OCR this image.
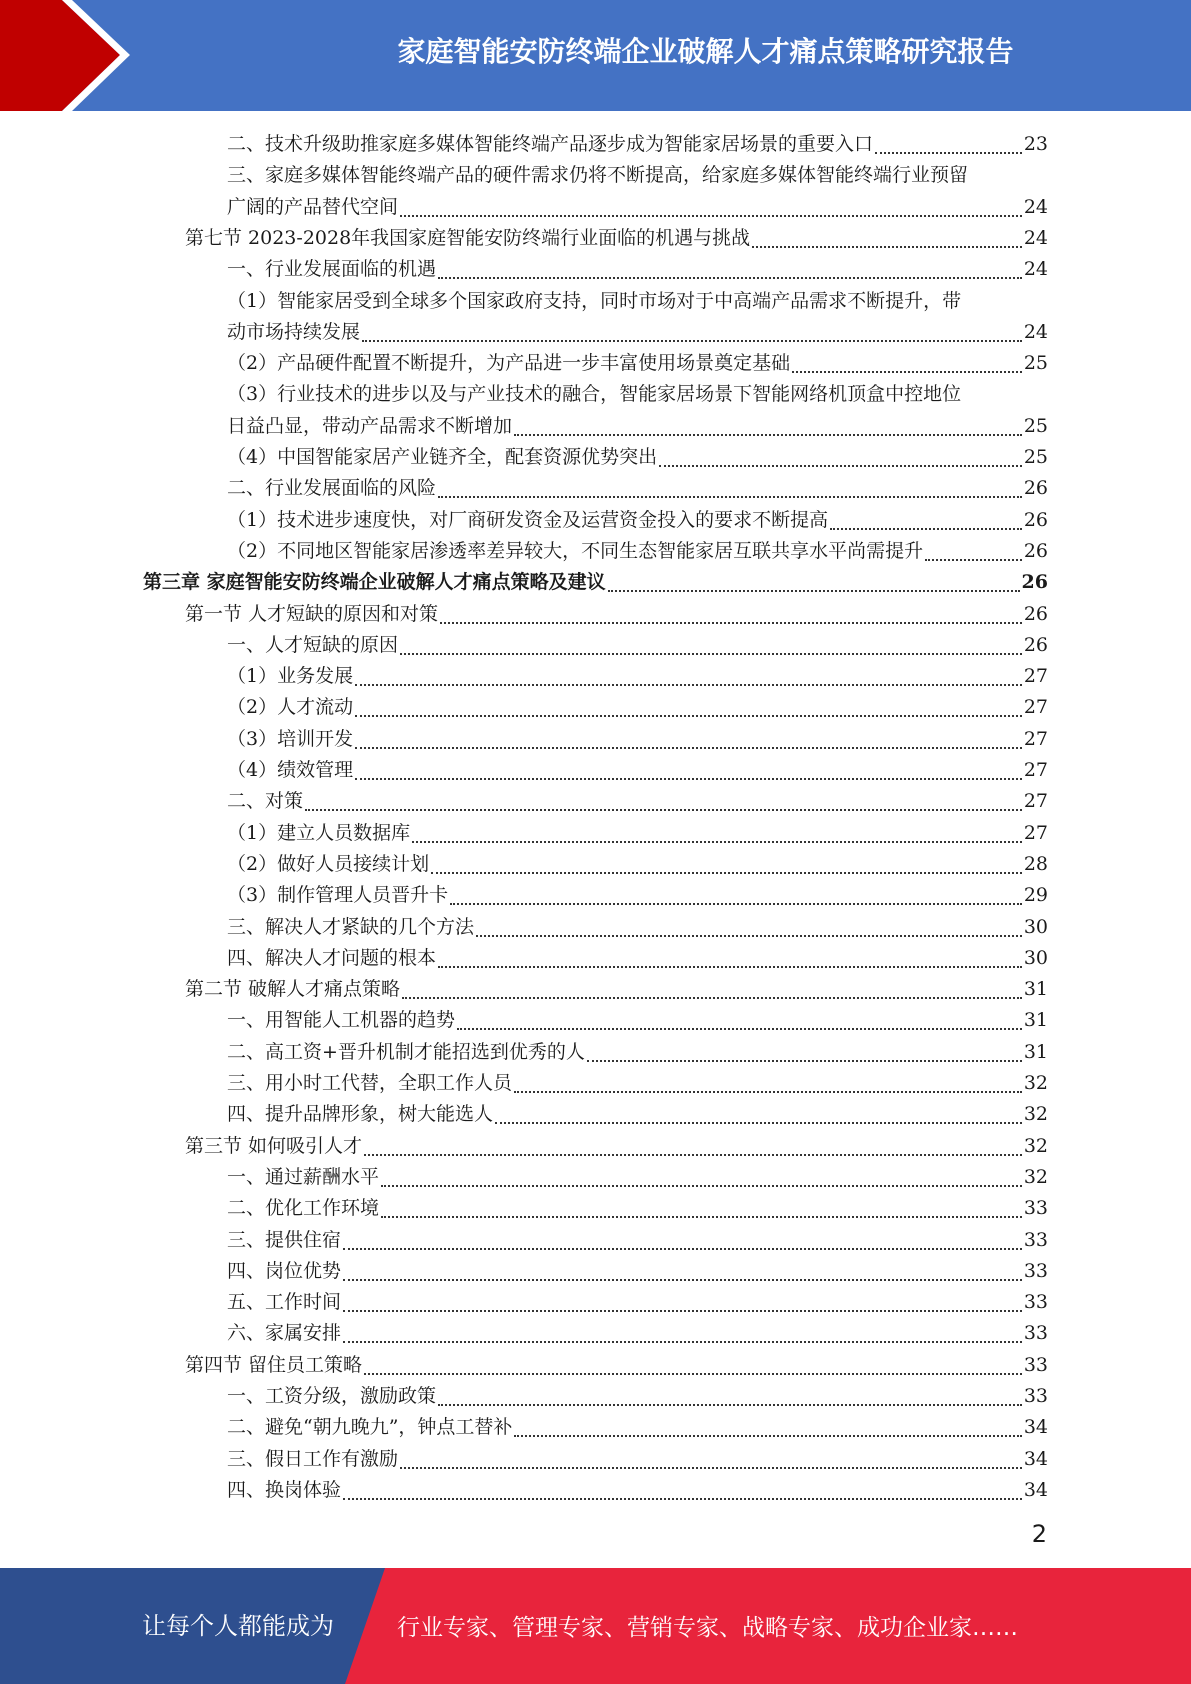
家庭智能安防终端企业破解人才痛点策略研究报告
二、技术升级助推家庭多媒体智能终端产品逐步成为智能家居场景的重要入口	23
三、家庭多媒体智能终端产品的硬件需求仍将不断提高，给家庭多媒体智能终端行业预留
广阔的产品替代空间	24
第七节 2023-2028年我国家庭智能安防终端行业面临的机遇与挑战	24
一、行业发展面临的机遇	24
（1）智能家居受到全球多个国家政府支持，同时市场对于中高端产品需求不断提升，带
动市场持续发展	24
（2）产品硬件配置不断提升，为产品进一步丰富使用场景奠定基础	25
（3）行业技术的进步以及与产业技术的融合，智能家居场景下智能网络机顶盒中控地位
日益凸显，带动产品需求不断增加	25
（4）中国智能家居产业链齐全，配套资源优势突出	25
二、行业发展面临的风险	26
（1）技术进步速度快，对厂商研发资金及运营资金投入的要求不断提高	26
（2）不同地区智能家居渗透率差异较大，不同生态智能家居互联共享水平尚需提升	26
第三章 家庭智能安防终端企业破解人才痛点策略及建议	26
第一节 人才短缺的原因和对策	26
一、人才短缺的原因	26
（1）业务发展	27
（2）人才流动	27
（3）培训开发	27
（4）绩效管理	27
二、对策	27
（1）建立人员数据库	27
（2）做好人员接续计划	28
（3）制作管理人员晋升卡	29
三、解决人才紧缺的几个方法	30
四、解决人才问题的根本	30
第二节 破解人才痛点策略	31
一、用智能人工机器的趋势	31
二、高工资+晋升机制才能招选到优秀的人	31
三、用小时工代替，全职工作人员	32
四、提升品牌形象，树大能选人	32
第三节 如何吸引人才	32
一、通过薪酬水平	32
二、优化工作环境	33
三、提供住宿	33
四、岗位优势	33
五、工作时间	33
六、家属安排	33
第四节 留住员工策略	33
一、工资分级，激励政策	33
二、避免“朝九晚九”，钟点工替补	34
三、假日工作有激励	34
四、换岗体验	34
2
让每个人都能成为	行业专家、管理专家、营销专家、战略专家、成功企业家……
